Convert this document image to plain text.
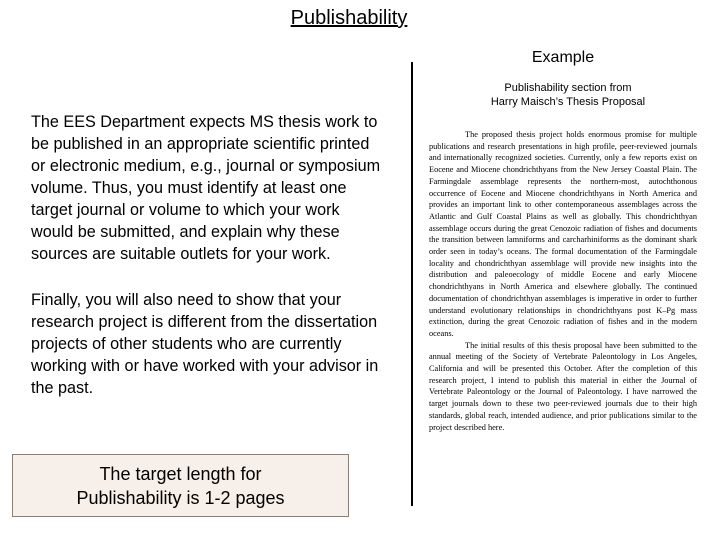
Publishability

The EES Department expects MS thesis work to be published in an appropriate scientific printed or electronic medium, e.g., journal or symposium volume. Thus, you must identify at least one target journal or volume to which your work would be submitted, and explain why these sources are suitable outlets for your work.

Finally, you will also need to show that your research project is different from the dissertation projects of other students who are currently working with or have worked with your advisor in the past.

The target length for
Publishability is 1-2 pages
Example
Publishability section from
Harry Maisch’s Thesis Proposal

The proposed thesis project holds enormous promise for multiple publications and research presentations in high profile, peer-reviewed journals and internationally recognized societies. Currently, only a few reports exist on Eocene and Miocene chondrichthyans from the New Jersey Coastal Plain. The Farmingdale assemblage represents the northern-most, autochthonous occurrence of Eocene and Miocene chondrichthyans in North America and provides an important link to other contemporaneous assemblages across the Atlantic and Gulf Coastal Plains as well as globally. This chondrichthyan assemblage occurs during the great Cenozoic radiation of fishes and documents the transition between lamniforms and carcharhiniforms as the dominant shark order seen in today’s oceans. The formal documentation of the Farmingdale locality and chondrichthyan assemblage will provide new insights into the distribution and paleoecology of middle Eocene and early Miocene chondrichthyans in North America and elsewhere globally. The continued documentation of chondrichthyan assemblages is imperative in order to further understand evolutionary relationships in chondrichthyans post K–Pg mass extinction, during the great Cenozoic radiation of fishes and in the modern oceans.

The initial results of this thesis proposal have been submitted to the annual meeting of the Society of Vertebrate Paleontology in Los Angeles, California and will be presented this October. After the completion of this research project, I intend to publish this material in either the Journal of Vertebrate Paleontology or the Journal of Paleontology. I have narrowed the target journals down to these two peer-reviewed journals due to their high standards, global reach, intended audience, and prior publications similar to the project described here.
